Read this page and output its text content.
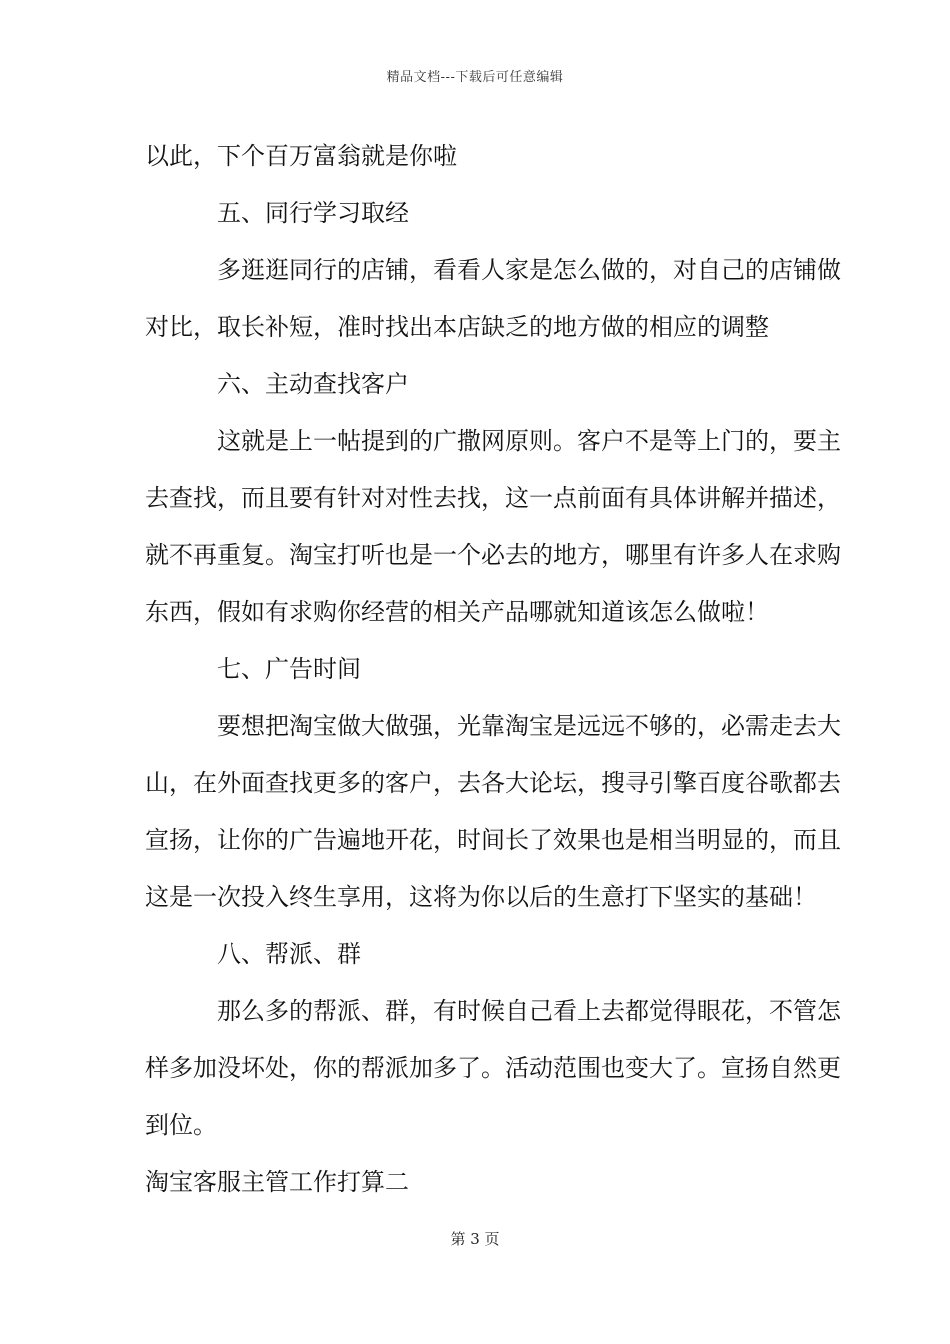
精品文档---下载后可任意编辑
以此，下个百万富翁就是你啦
五、同行学习取经
多逛逛同行的店铺，看看人家是怎么做的，对自己的店铺做
对比，取长补短，准时找出本店缺乏的地方做的相应的调整
六、主动查找客户
这就是上一帖提到的广撒网原则。客户不是等上门的，要主
去查找，而且要有针对对性去找，这一点前面有具体讲解并描述，
就不再重复。淘宝打听也是一个必去的地方，哪里有许多人在求购
东西，假如有求购你经营的相关产品哪就知道该怎么做啦！
七、广告时间
要想把淘宝做大做强，光靠淘宝是远远不够的，必需走去大
山，在外面查找更多的客户，去各大论坛，搜寻引擎百度谷歌都去
宣扬，让你的广告遍地开花，时间长了效果也是相当明显的，而且
这是一次投入终生享用，这将为你以后的生意打下坚实的基础！
八、帮派、群
那么多的帮派、群，有时候自己看上去都觉得眼花，不管怎
样多加没坏处，你的帮派加多了。活动范围也变大了。宣扬自然更
到位。
淘宝客服主管工作打算二
第 3 页
